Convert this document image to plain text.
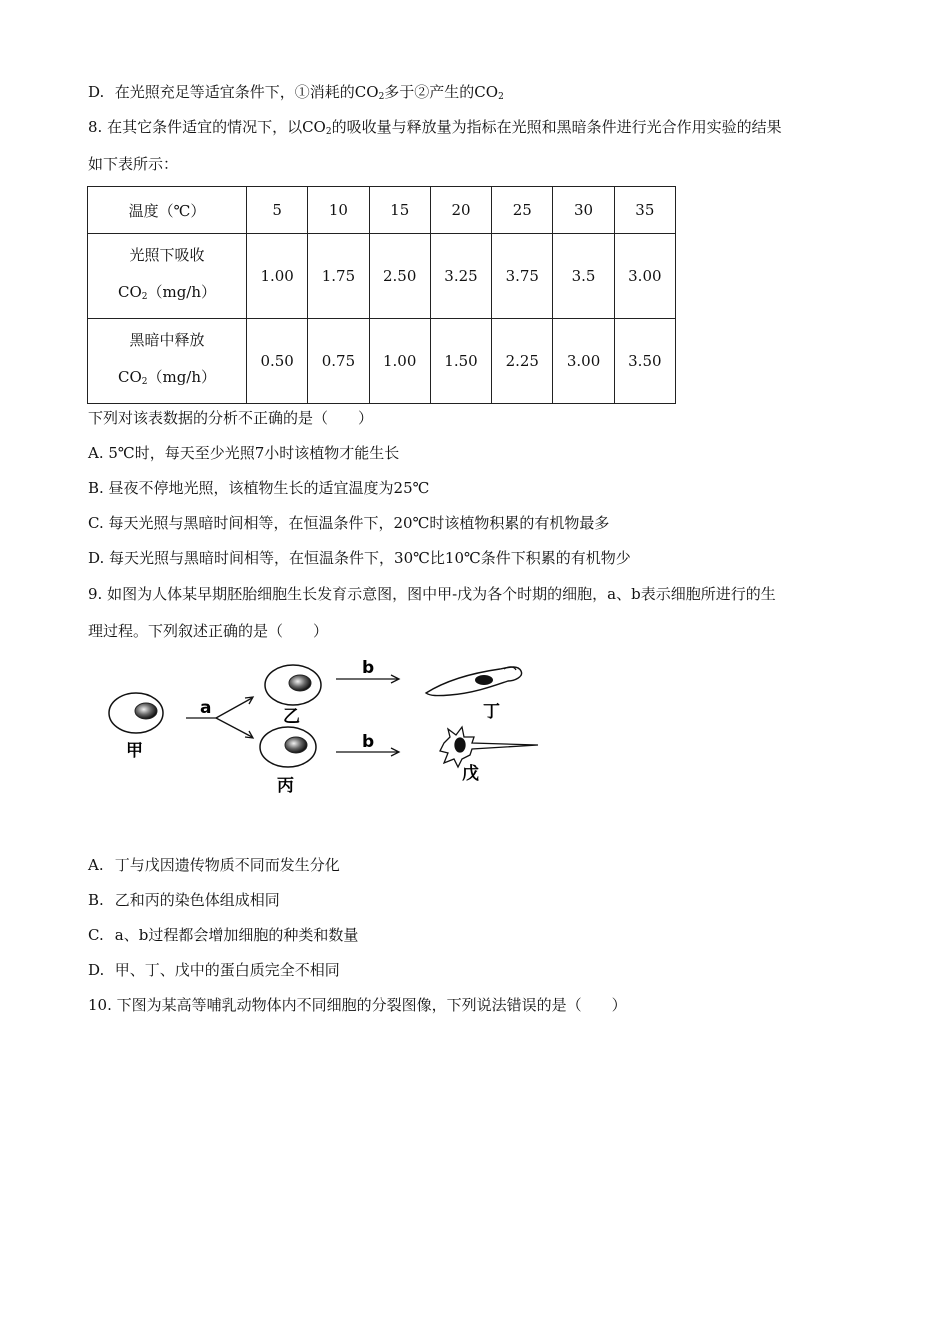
D. 在光照充足等适宜条件下，①消耗的$CO_2$多于②产生的$CO_2$
8. 在其它条件适宜的情况下，以$CO_2$的吸收量与释放量为指标在光照和黑暗条件进行光合作用实验的结果
如下表所示：
温度（℃）	5	10	15	20	25	30	35

光照下吸收
$CO_2(mg/h)$	1.00	1.75	2.50	3.25	3.75	3.5	3.00

黑暗中释放
$CO_2(mg/h)$	0.50	0.75	1.00	1.50	2.25	3.00	3.50
下列对该表数据的分析不正确的是（　　）
A. 5℃时，每天至少光照7小时该植物才能生长
B. 昼夜不停地光照，该植物生长的适宜温度为25℃
C. 每天光照与黑暗时间相等，在恒温条件下，20℃时该植物积累的有机物最多
D. 每天光照与黑暗时间相等，在恒温条件下，30℃比10℃条件下积累的有机物少
9. 如图为人体某早期胚胎细胞生长发育示意图，图中甲-戊为各个时期的细胞，a、b表示细胞所进行的生
理过程。下列叙述正确的是（　　）
甲
a	乙
丙
b
b
丁
戊
A. 丁与戊因遗传物质不同而发生分化
B. 乙和丙的染色体组成相同
C. a、b过程都会增加细胞的种类和数量
D. 甲、丁、戊中的蛋白质完全不相同
10. 下图为某高等哺乳动物体内不同细胞的分裂图像，下列说法错误的是（　　）
